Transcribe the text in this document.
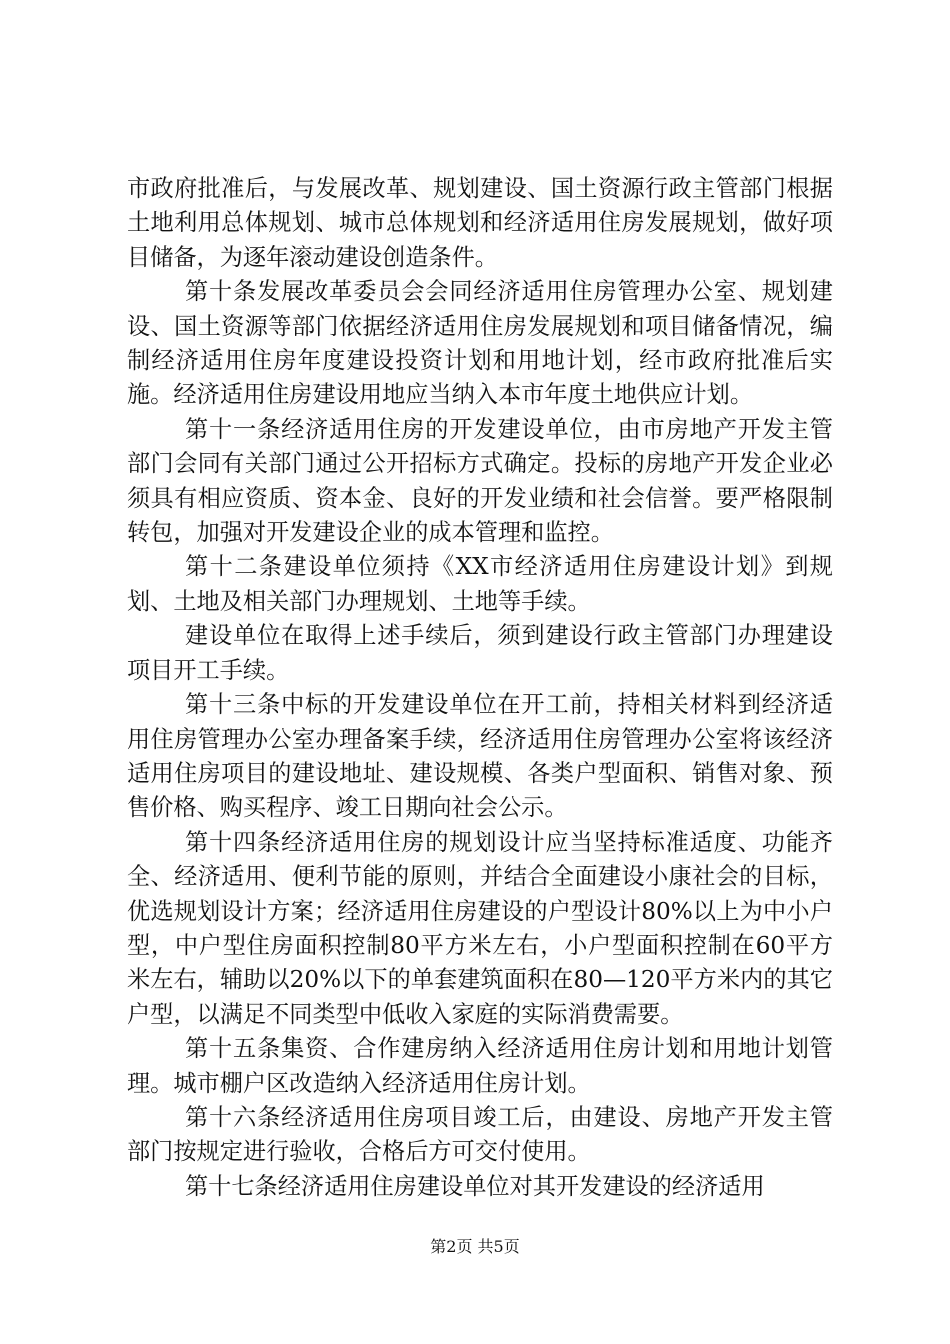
市政府批准后，与发展改革、规划建设、国土资源行政主管部门根据土地利用总体规划、城市总体规划和经济适用住房发展规划，做好项目储备，为逐年滚动建设创造条件。

第十条发展改革委员会会同经济适用住房管理办公室、规划建设、国土资源等部门依据经济适用住房发展规划和项目储备情况，编制经济适用住房年度建设投资计划和用地计划，经市政府批准后实施。经济适用住房建设用地应当纳入本市年度土地供应计划。

第十一条经济适用住房的开发建设单位，由市房地产开发主管部门会同有关部门通过公开招标方式确定。投标的房地产开发企业必须具有相应资质、资本金、良好的开发业绩和社会信誉。要严格限制转包，加强对开发建设企业的成本管理和监控。

第十二条建设单位须持《XX市经济适用住房建设计划》到规划、土地及相关部门办理规划、土地等手续。

建设单位在取得上述手续后，须到建设行政主管部门办理建设项目开工手续。

第十三条中标的开发建设单位在开工前，持相关材料到经济适用住房管理办公室办理备案手续，经济适用住房管理办公室将该经济适用住房项目的建设地址、建设规模、各类户型面积、销售对象、预售价格、购买程序、竣工日期向社会公示。

第十四条经济适用住房的规划设计应当坚持标准适度、功能齐全、经济适用、便利节能的原则，并结合全面建设小康社会的目标，优选规划设计方案；经济适用住房建设的户型设计80%以上为中小户型，中户型住房面积控制80平方米左右，小户型面积控制在60平方米左右，辅助以20%以下的单套建筑面积在80—120平方米内的其它户型，以满足不同类型中低收入家庭的实际消费需要。

第十五条集资、合作建房纳入经济适用住房计划和用地计划管理。城市棚户区改造纳入经济适用住房计划。

第十六条经济适用住房项目竣工后，由建设、房地产开发主管部门按规定进行验收，合格后方可交付使用。

第十七条经济适用住房建设单位对其开发建设的经济适用

第2页 共5页
